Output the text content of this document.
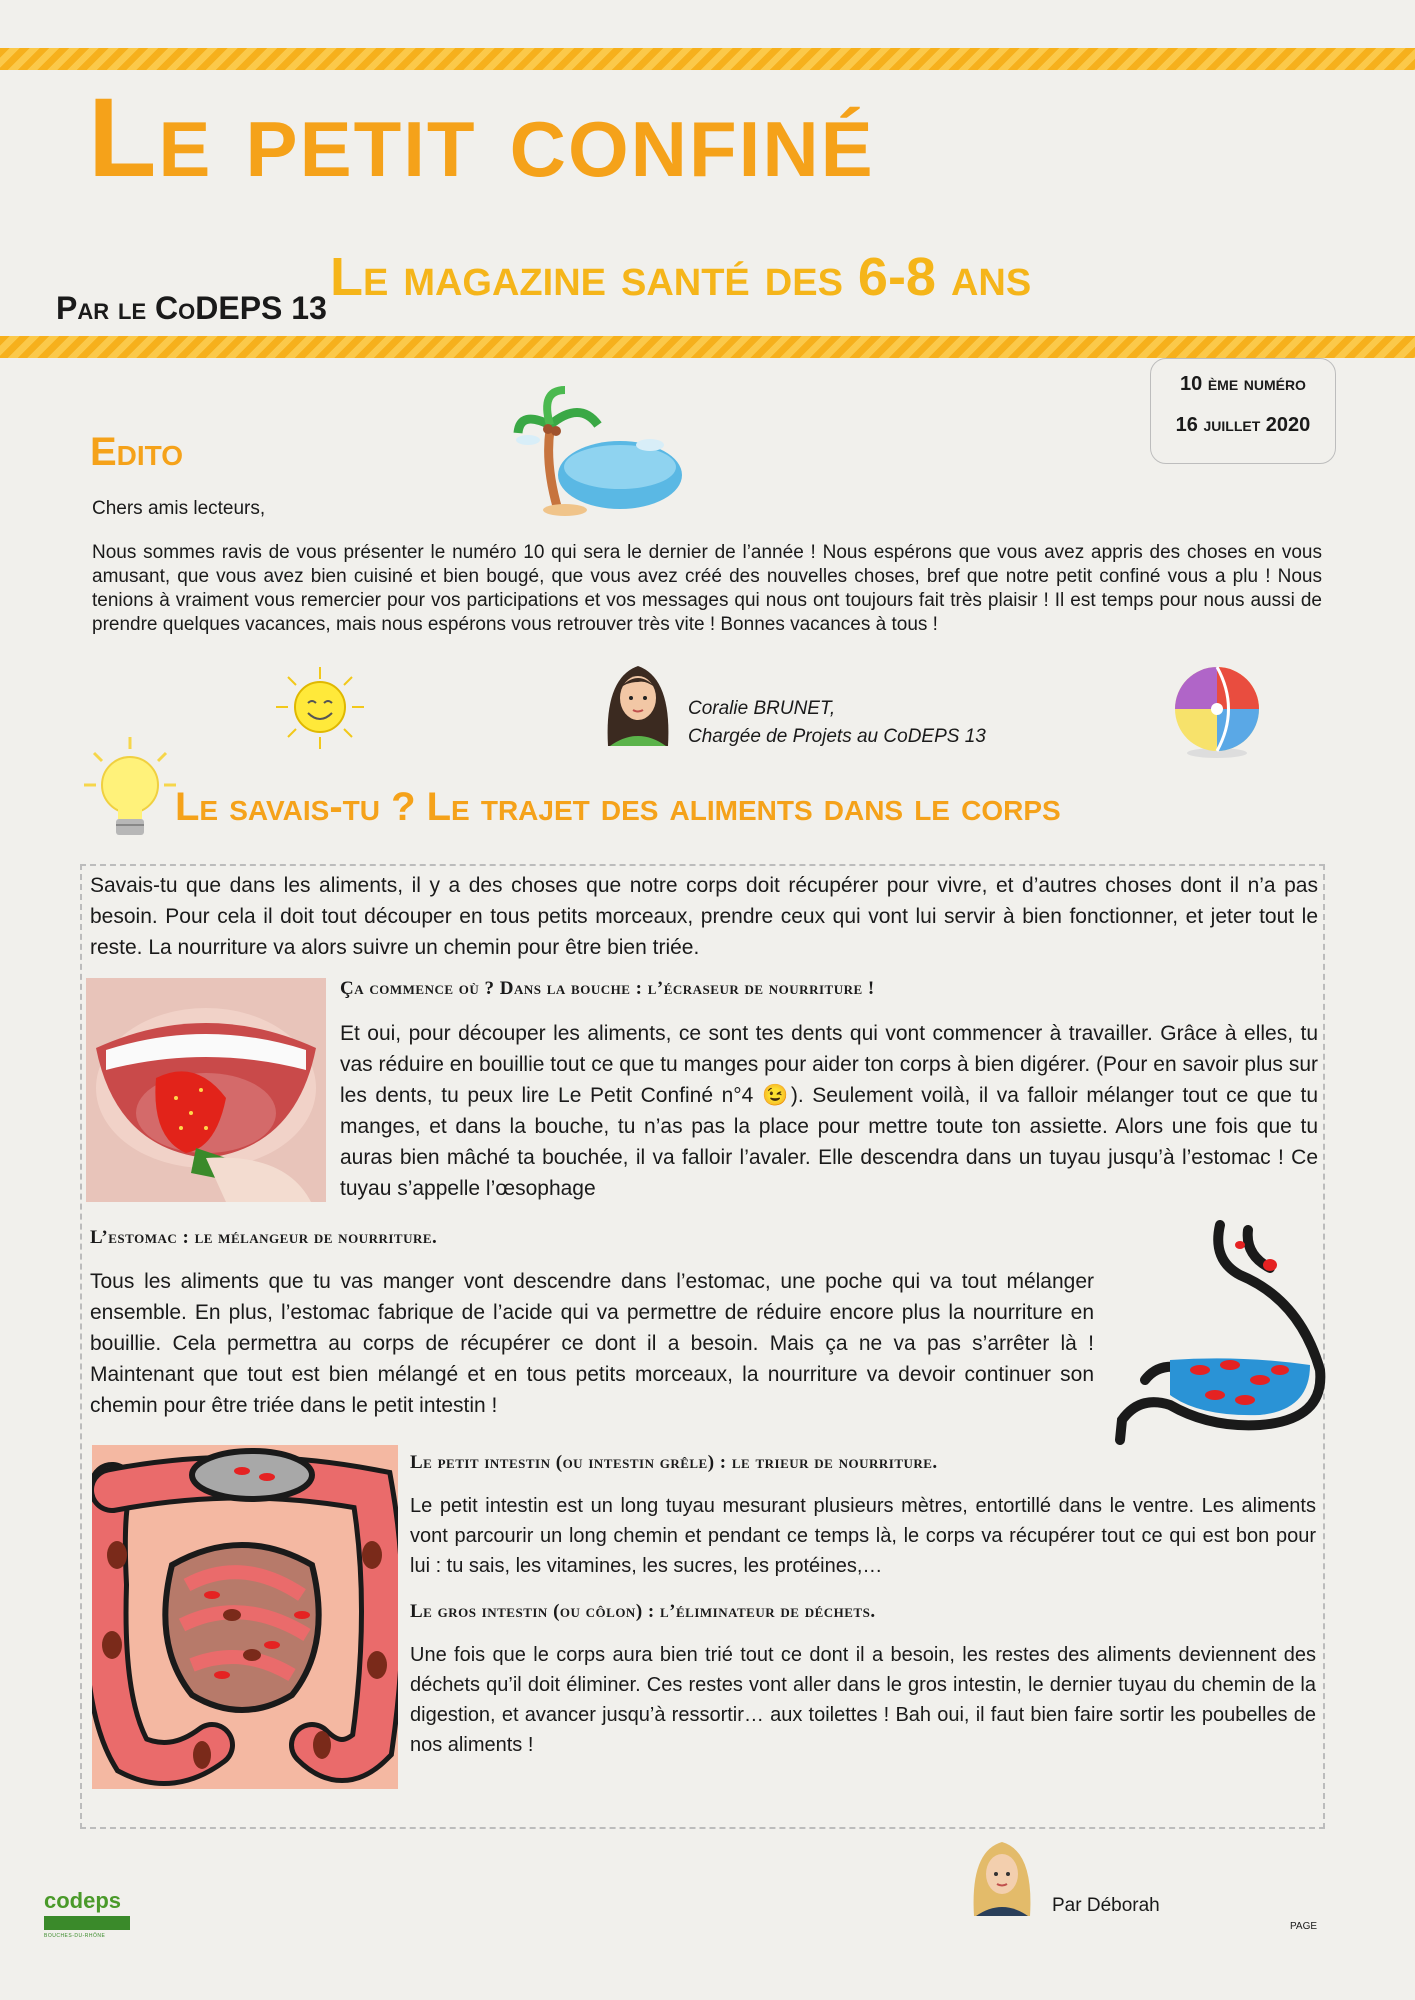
Le petit confiné
Par le CoDEPS 13
Le magazine santé des 6-8 ans
10 ème numéro
16 juillet 2020
Edito
Chers amis lecteurs,
Nous sommes ravis de vous présenter le numéro 10 qui sera le dernier de l’année ! Nous espérons que vous avez appris des choses en vous amusant, que vous avez bien cuisiné et bien bougé, que vous avez créé des nouvelles choses, bref que notre petit confiné vous a plu ! Nous tenions à vraiment vous remercier pour vos participations et vos messages qui nous ont toujours fait très plaisir ! Il est temps pour nous aussi de prendre quelques vacances, mais nous espérons vous retrouver très vite ! Bonnes vacances à tous !
Coralie BRUNET,
Chargée de Projets au CoDEPS 13
Le savais-tu ? Le trajet des aliments dans le corps
Savais-tu que dans les aliments, il y a des choses que notre corps doit récupérer pour vivre, et d’autres choses dont il n’a pas besoin. Pour cela il doit tout découper en tous petits morceaux, prendre ceux qui vont lui servir à bien fonctionner, et jeter tout le reste. La nourriture va alors suivre un chemin pour être bien triée.
Ça commence où ? Dans la bouche : l’écraseur de nourriture !
Et oui, pour découper les aliments, ce sont tes dents qui vont commencer à travailler. Grâce à elles, tu vas réduire en bouillie tout ce que tu manges pour aider ton corps à bien digérer. (Pour en savoir plus sur les dents, tu peux lire Le Petit Confiné n°4 😉). Seulement voilà, il va falloir mélanger tout ce que tu manges, et dans la bouche, tu n’as pas la place pour mettre toute ton assiette. Alors une fois que tu auras bien mâché ta bouchée, il va falloir l’avaler. Elle descendra dans un tuyau jusqu’à l’estomac ! Ce tuyau s’appelle l’œsophage
L’estomac : le mélangeur de nourriture.
Tous les aliments que tu vas manger vont descendre dans l’estomac, une poche qui va tout mélanger ensemble. En plus, l’estomac fabrique de l’acide qui va permettre de réduire encore plus la nourriture en bouillie. Cela permettra au corps de récupérer ce dont il a besoin. Mais ça ne va pas s’arrêter là ! Maintenant que tout est bien mélangé et en tous petits morceaux, la nourriture va devoir continuer son chemin pour être triée dans le petit intestin !
Le petit intestin (ou intestin grêle) : le trieur de nourriture.
Le petit intestin est un long tuyau mesurant plusieurs mètres, entortillé dans le ventre. Les aliments vont parcourir un long chemin et pendant ce temps là, le corps va récupérer tout ce qui est bon pour lui : tu sais, les vitamines, les sucres, les protéines,…
Le gros intestin (ou côlon) : l’éliminateur de déchets.
Une fois que le corps aura bien trié tout ce dont il a besoin, les restes des aliments deviennent des déchets qu’il doit éliminer. Ces restes vont aller dans le gros intestin, le dernier tuyau du chemin de la digestion, et avancer jusqu’à ressortir… aux toilettes ! Bah oui, il faut bien faire sortir les poubelles de nos aliments !
codeps
BOUCHES-DU-RHÔNE
Par Déborah
PAGE
